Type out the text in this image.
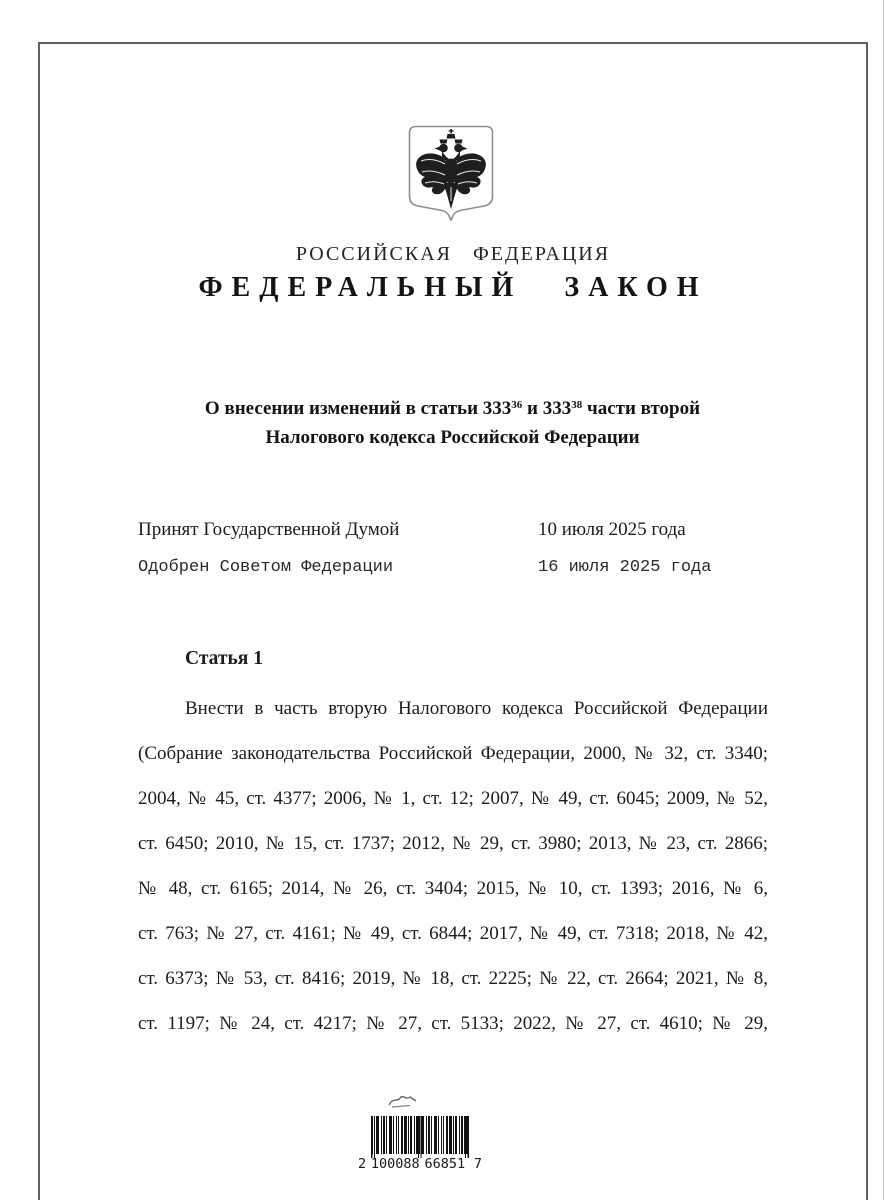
РОССИЙСКАЯ ФЕДЕРАЦИЯ
ФЕДЕРАЛЬНЫЙ ЗАКОН
О внесении изменений в статьи $333^{36}$ и $333^{38}$ части второй
Налогового кодекса Российской Федерации
Принят Государственной Думой	10 июля 2025 года
Одобрен Советом Федерации	16 июля 2025 года
Статья 1
Внести в часть вторую Налогового кодекса Российской Федерации
(Собрание законодательства Российской Федерации, 2000, № 32, ст. 3340;
2004, № 45, ст. 4377; 2006, № 1, ст. 12; 2007, № 49, ст. 6045; 2009, № 52,
ст. 6450; 2010, № 15, ст. 1737; 2012, № 29, ст. 3980; 2013, № 23, ст. 2866;
№ 48, ст. 6165; 2014, № 26, ст. 3404; 2015, № 10, ст. 1393; 2016, № 6,
ст. 763; № 27, ст. 4161; № 49, ст. 6844; 2017, № 49, ст. 7318; 2018, № 42,
ст. 6373; № 53, ст. 8416; 2019, № 18, ст. 2225; № 22, ст. 2664; 2021, № 8,
ст. 1197; № 24, ст. 4217; № 27, ст. 5133; 2022, № 27, ст. 4610; № 29,
2 100088 66851 7
